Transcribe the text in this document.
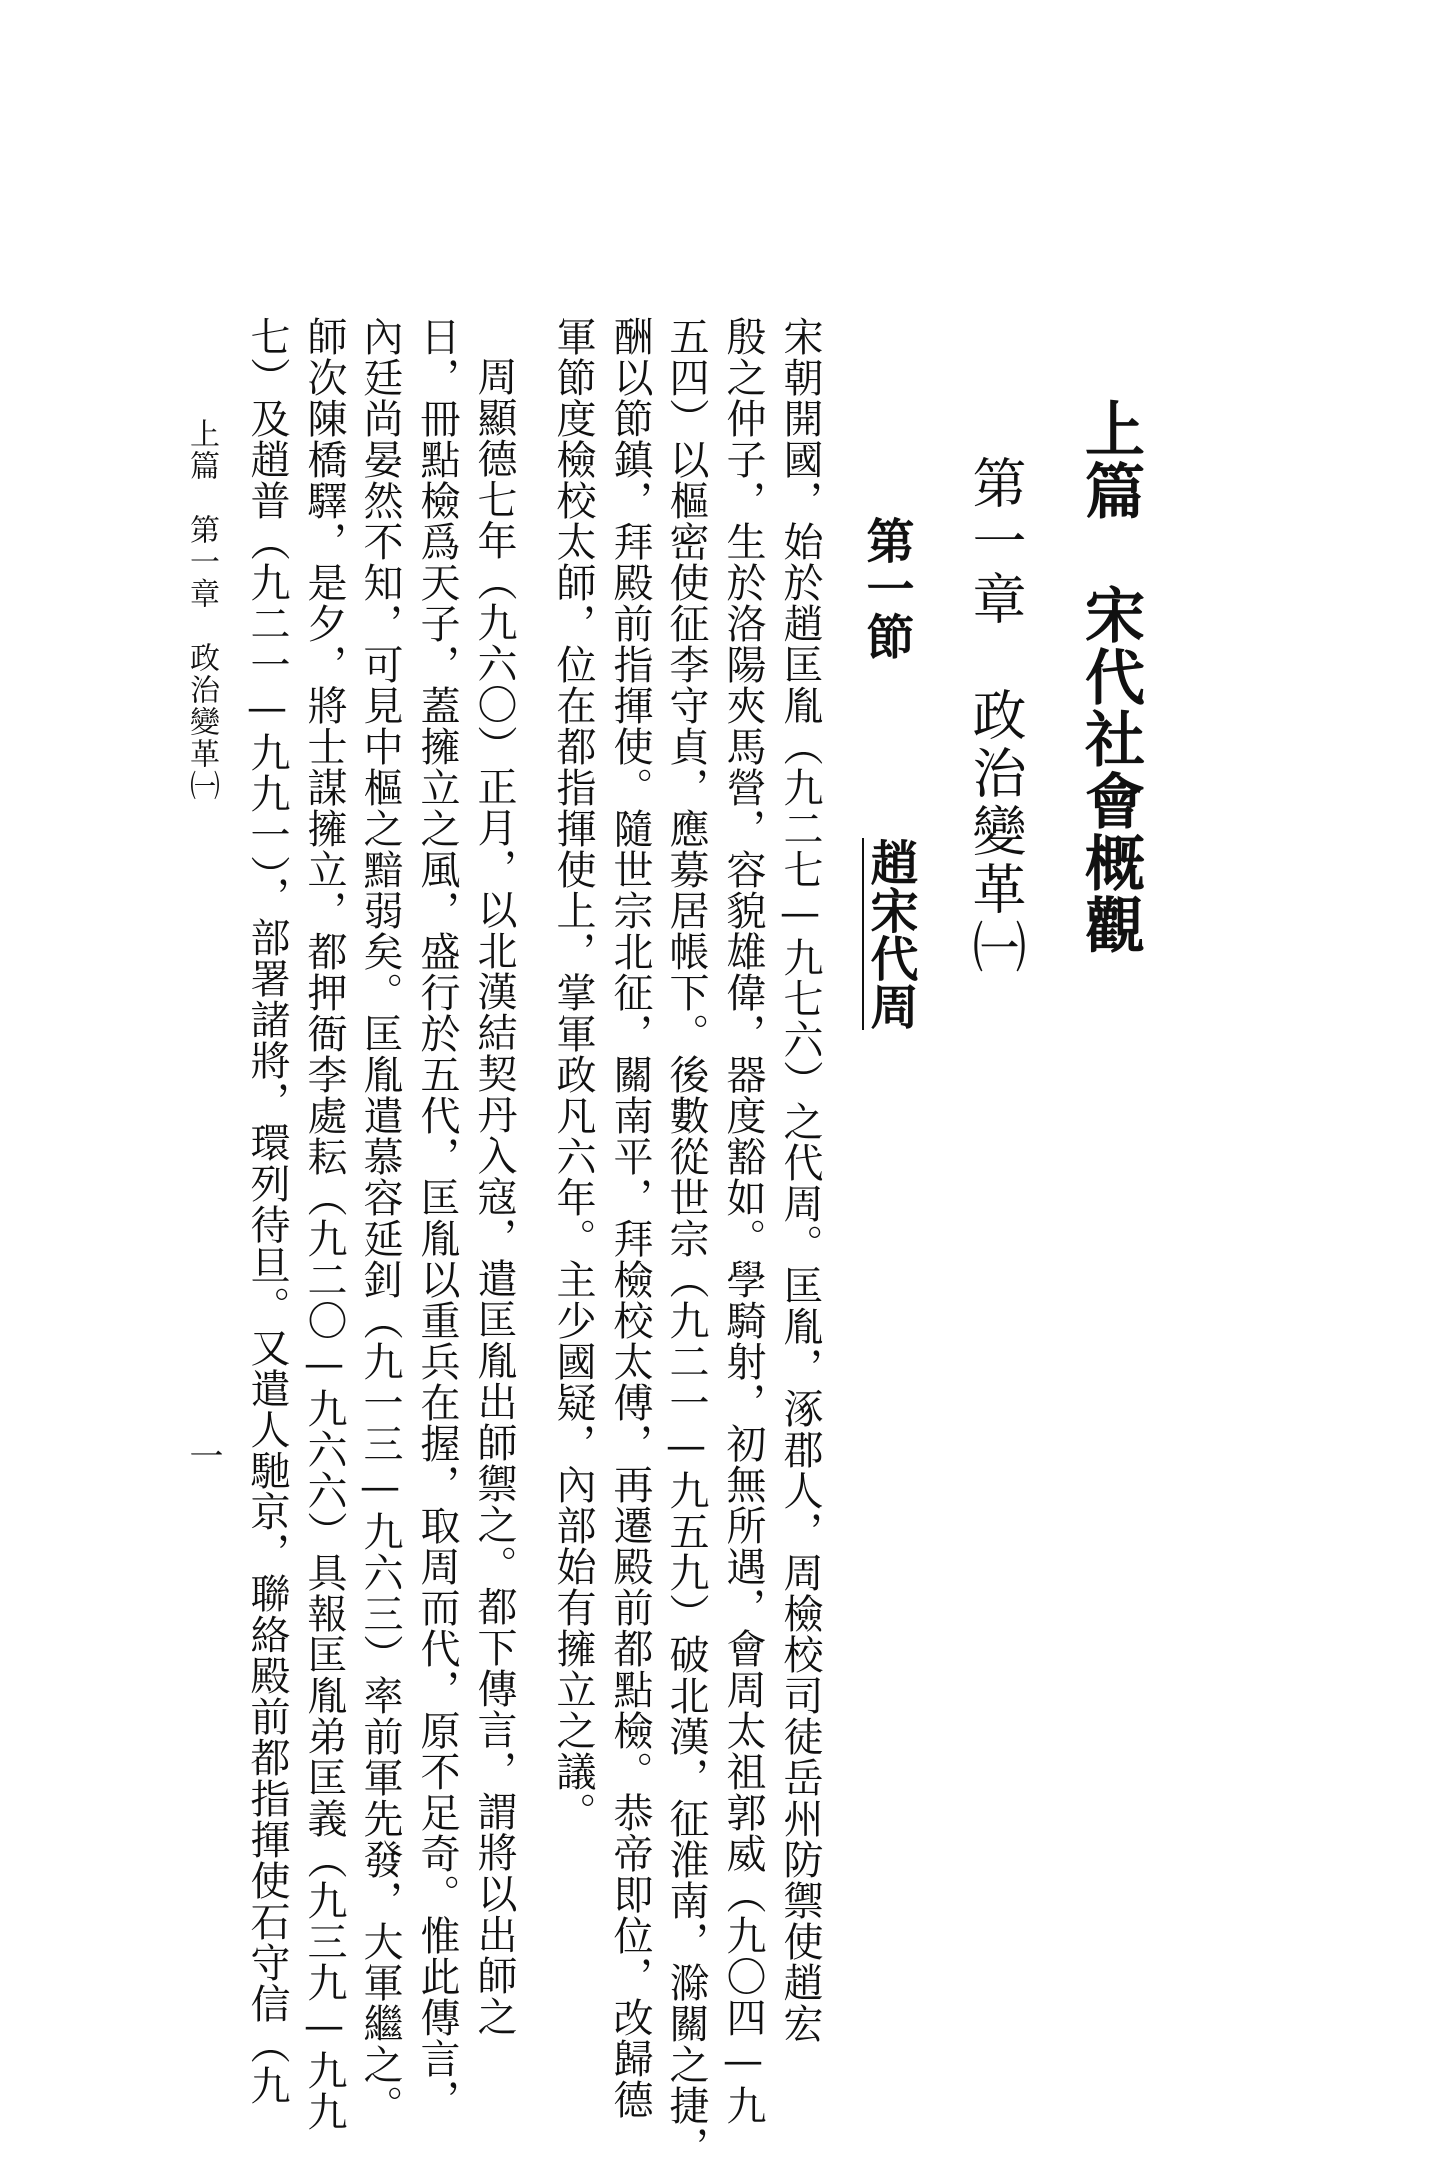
上篇　宋代社會概觀
第一章　政治變革㈠
第一節
趙宋代周
宋朝開國，始於趙匡胤（九二七—九七六）之代周。匡胤，涿郡人，周檢校司徒岳州防禦使趙宏
殷之仲子，生於洛陽夾馬營，容貌雄偉，器度豁如。學騎射，初無所遇，會周太祖郭威（九〇四—九
五四）以樞密使征李守貞，應募居帳下。後數從世宗（九二一—九五九）破北漢，征淮南，滁關之捷，
酬以節鎮，拜殿前指揮使。隨世宗北征，關南平，拜檢校太傅，再遷殿前都點檢。恭帝即位，改歸德
軍節度檢校太師，位在都指揮使上，掌軍政凡六年。主少國疑，內部始有擁立之議。
周顯德七年（九六〇）正月，以北漢結契丹入寇，遣匡胤出師禦之。都下傳言，謂將以出師之
日，冊點檢爲天子，蓋擁立之風，盛行於五代，匡胤以重兵在握，取周而代，原不足奇。惟此傳言，
內廷尚晏然不知，可見中樞之黯弱矣。匡胤遣慕容延釗（九一三—九六三）率前軍先發，大軍繼之。
師次陳橋驛，是夕，將士謀擁立，都押衙李處耘（九二〇—九六六）具報匡胤弟匡義（九三九—九九
七）及趙普（九二一—九九一），部署諸將，環列待旦。又遣人馳京，聯絡殿前都指揮使石守信（九
上篇　第一章　政治變革㈠
一
